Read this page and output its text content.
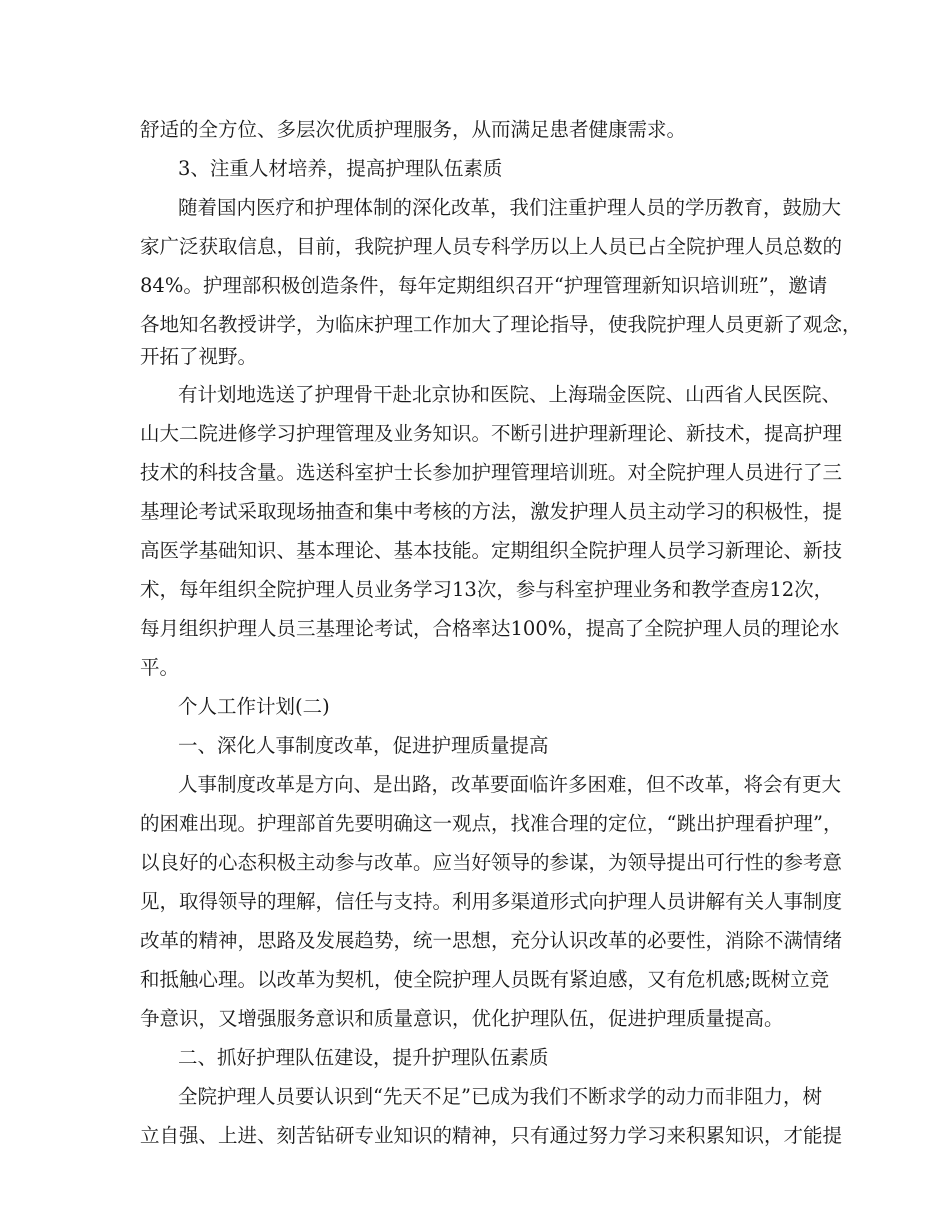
舒适的全方位、多层次优质护理服务，从而满足患者健康需求。
3、注重人材培养，提高护理队伍素质
随着国内医疗和护理体制的深化改革，我们注重护理人员的学历教育，鼓励大
家广泛获取信息，目前，我院护理人员专科学历以上人员已占全院护理人员总数的
84%。护理部积极创造条件，每年定期组织召开“护理管理新知识培训班”，邀请
各地知名教授讲学，为临床护理工作加大了理论指导，使我院护理人员更新了观念，
开拓了视野。
有计划地选送了护理骨干赴北京协和医院、上海瑞金医院、山西省人民医院、
山大二院进修学习护理管理及业务知识。不断引进护理新理论、新技术，提高护理
技术的科技含量。选送科室护士长参加护理管理培训班。对全院护理人员进行了三
基理论考试采取现场抽查和集中考核的方法，激发护理人员主动学习的积极性，提
高医学基础知识、基本理论、基本技能。定期组织全院护理人员学习新理论、新技
术，每年组织全院护理人员业务学习13次，参与科室护理业务和教学查房12次，
每月组织护理人员三基理论考试，合格率达100%，提高了全院护理人员的理论水
平。
个人工作计划(二)
一、深化人事制度改革，促进护理质量提高
人事制度改革是方向、是出路，改革要面临许多困难，但不改革，将会有更大
的困难出现。护理部首先要明确这一观点，找准合理的定位，“跳出护理看护理”，
以良好的心态积极主动参与改革。应当好领导的参谋，为领导提出可行性的参考意
见，取得领导的理解，信任与支持。利用多渠道形式向护理人员讲解有关人事制度
改革的精神，思路及发展趋势，统一思想，充分认识改革的必要性，消除不满情绪
和抵触心理。以改革为契机，使全院护理人员既有紧迫感，又有危机感;既树立竞
争意识，又增强服务意识和质量意识，优化护理队伍，促进护理质量提高。
二、抓好护理队伍建设，提升护理队伍素质
全院护理人员要认识到“先天不足”已成为我们不断求学的动力而非阻力，树
立自强、上进、刻苦钻研专业知识的精神，只有通过努力学习来积累知识，才能提
